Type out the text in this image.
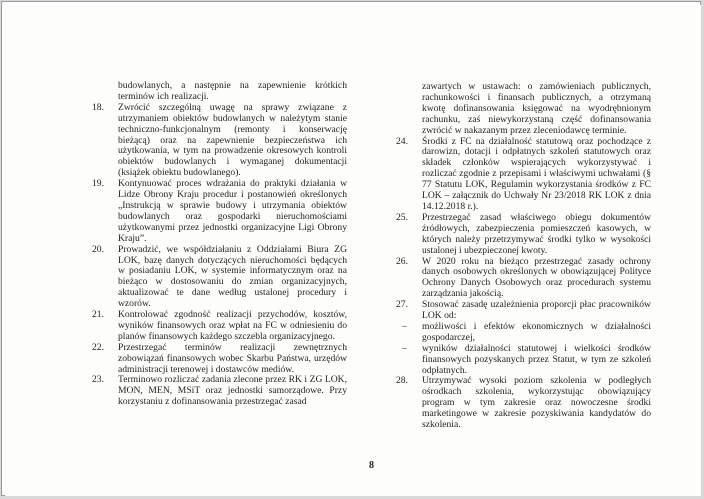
budowlanych, a następnie na zapewnienie krótkich terminów ich realizacji.

18.	Zwrócić szczególną uwagę na sprawy związane z utrzymaniem obiektów budowlanych w należytym stanie techniczno-funkcjonalnym (remonty i konserwację bieżącą) oraz na zapewnienie bezpieczeństwa ich użytkowania, w tym na prowadzenie okresowych kontroli obiektów budowlanych i wymaganej dokumentacji (książek obiektu budowlanego).
19.	Kontynuować proces wdrażania do praktyki działania w Lidze Obrony Kraju procedur i postanowień określonych „Instrukcją w sprawie budowy i utrzymania obiektów budowlanych oraz gospodarki nieruchomościami użytkowanymi przez jednostki organizacyjne Ligi Obrony Kraju”.
20.	Prowadzić, we współdziałaniu z Oddziałami Biura ZG LOK, bazę danych dotyczących nieruchomości będących w posiadaniu LOK, w systemie informatycznym oraz na bieżąco w dostosowaniu do zmian organizacyjnych, aktualizować te dane według ustalonej procedury i wzorów.
21.	Kontrolować zgodność realizacji przychodów, kosztów, wyników finansowych oraz wpłat na FC w odniesieniu do planów finansowych każdego szczebla organizacyjnego.
22.	Przestrzegać terminów realizacji zewnętrznych zobowiązań finansowych wobec Skarbu Państwa, urzędów administracji terenowej i dostawców mediów.
23.	Terminowo rozliczać zadania zlecone przez RK i ZG LOK, MON, MEN, MSiT oraz jednostki samorządowe. Przy korzystaniu z dofinansowania przestrzegać zasad

zawartych w ustawach: o zamówieniach publicznych, rachunkowości i finansach publicznych, a otrzymaną kwotę dofinansowania księgować na wyodrębnionym rachunku, zaś niewykorzystaną część dofinansowania zwrócić w nakazanym przez zleceniodawcę terminie.

24.	Środki z FC na działalność statutową oraz pochodzące z darowizn, dotacji i odpłatnych szkoleń statutowych oraz składek członków wspierających wykorzystywać i rozliczać zgodnie z przepisami i właściwymi uchwałami (§ 77 Statutu LOK, Regulamin wykorzystania środków z FC LOK – załącznik do Uchwały Nr 23/2018 RK LOK z dnia 14.12.2018 r.).
25.	Przestrzegać zasad właściwego obiegu dokumentów źródłowych, zabezpieczenia pomieszczeń kasowych, w których należy przetrzymywać środki tylko w wysokości ustalonej i ubezpieczonej kwoty.
26.	W 2020 roku na bieżąco przestrzegać zasady ochrony danych osobowych określonych w obowiązującej Polityce Ochrony Danych Osobowych oraz procedurach systemu zarządzania jakością.
27.	Stosować zasadę uzależnienia proporcji płac pracowników LOK od:
– możliwości i efektów ekonomicznych w działalności gospodarczej,
– wyników działalności statutowej i wielkości środków finansowych pozyskanych przez Statut, w tym ze szkoleń odpłatnych.
28.	Utrzymywać wysoki poziom szkolenia w podległych ośrodkach szkolenia, wykorzystując obowiązujący program w tym zakresie oraz nowoczesne środki marketingowe w zakresie pozyskiwania kandydatów do szkolenia.
8
